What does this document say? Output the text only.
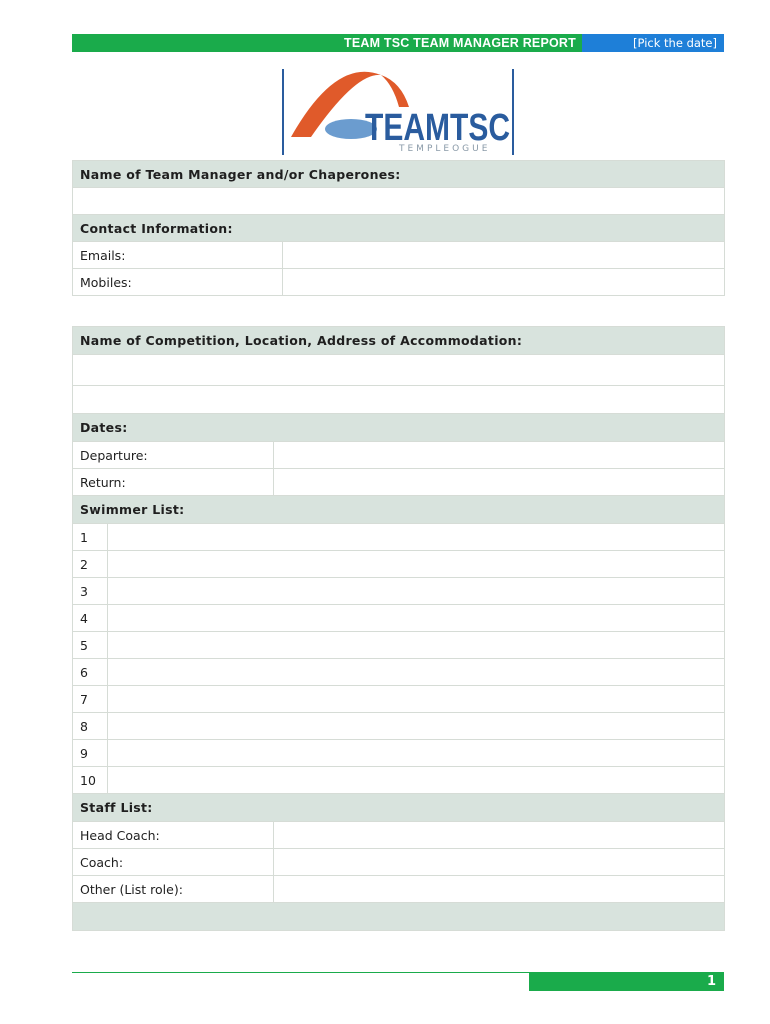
TEAM TSC TEAM MANAGER REPORT	[Pick the date]
TEAMTSC
TEMPLEOGUE
Name of Team Manager and/or Chaperones:	

Contact Information:	
Emails:	
Mobiles:	
Name of Competition, Location, Address of Accommodation:		

Dates:		
Departure:		
Return:		
Swimmer List:		
1		
2		
3		
4		
5		
6		
7		
8		
9		
10		
Staff List:		
Head Coach:		
Coach:		
Other (List role):		

1
